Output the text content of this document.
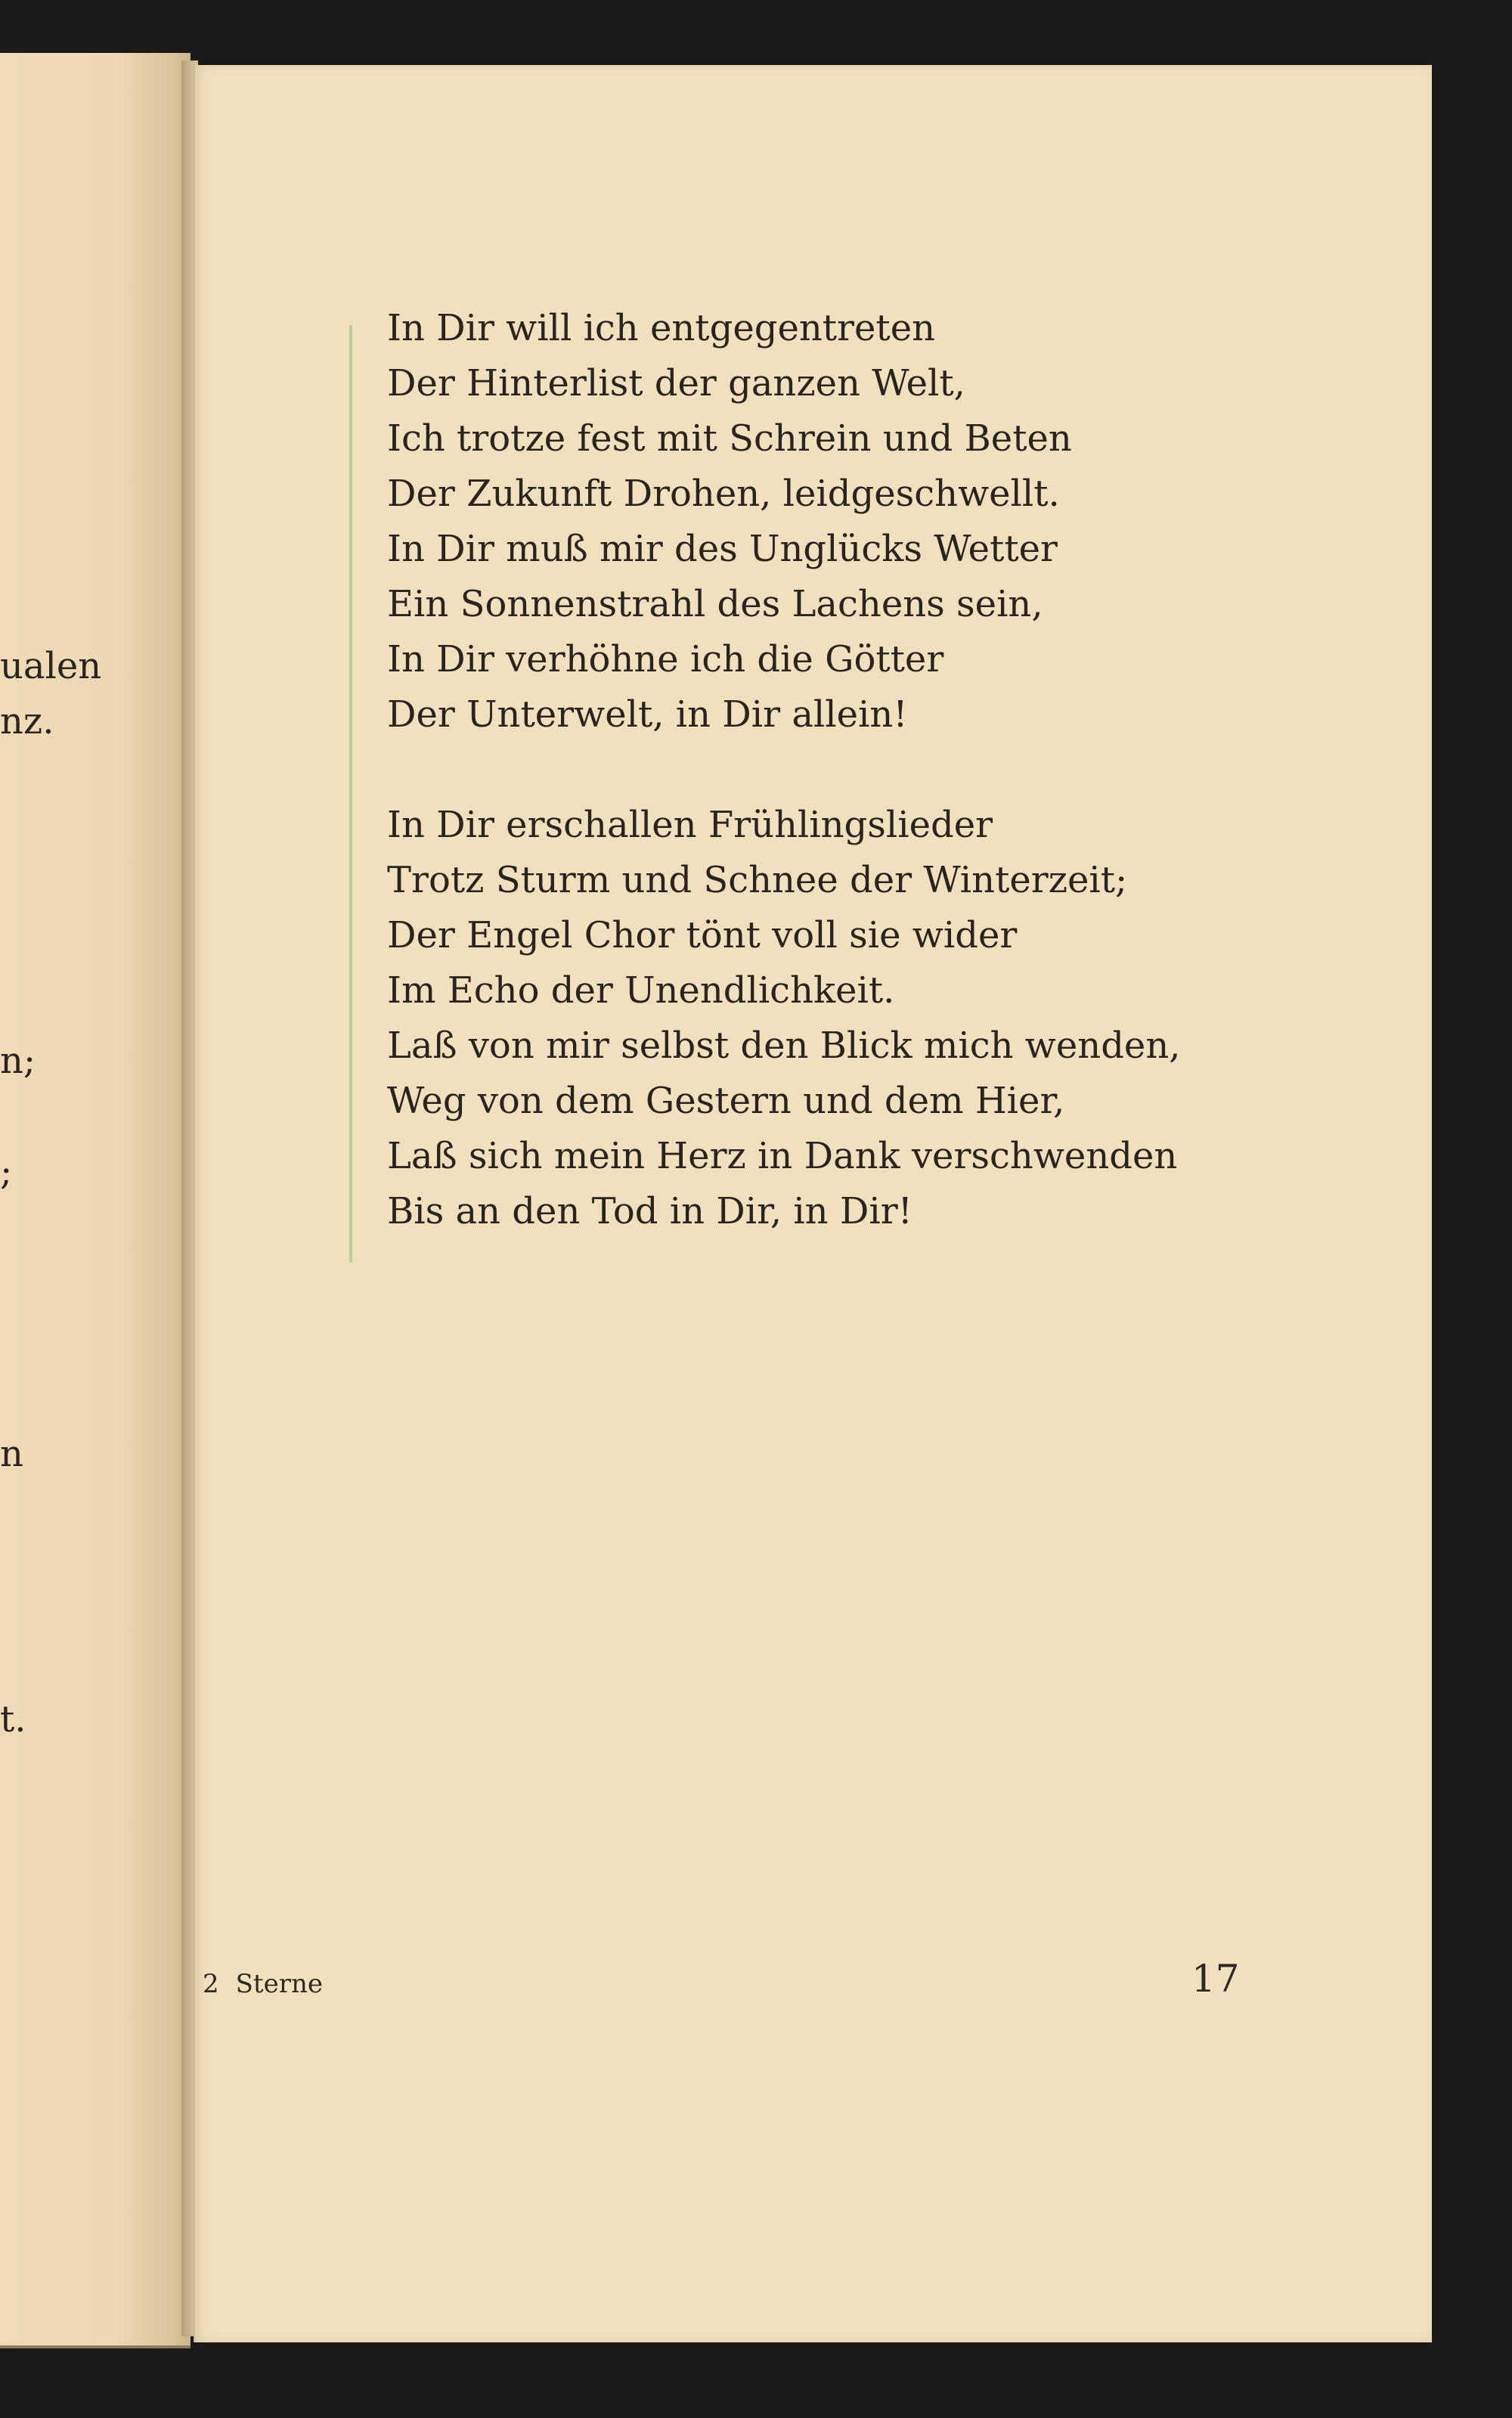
ualen

nz.

n;

;

n

t.

In Dir will ich entgegentreten
Der Hinterlist der ganzen Welt,
Ich trotze fest mit Schrein und Beten
Der Zukunft Drohen, leidgeschwellt.
In Dir muß mir des Unglücks Wetter
Ein Sonnenstrahl des Lachens sein,
In Dir verhöhne ich die Götter
Der Unterwelt, in Dir allein!
In Dir erschallen Frühlingslieder
Trotz Sturm und Schnee der Winterzeit;
Der Engel Chor tönt voll sie wider
Im Echo der Unendlichkeit.
Laß von mir selbst den Blick mich wenden,
Weg von dem Gestern und dem Hier,
Laß sich mein Herz in Dank verschwenden
Bis an den Tod in Dir, in Dir!
2 Sterne	17
